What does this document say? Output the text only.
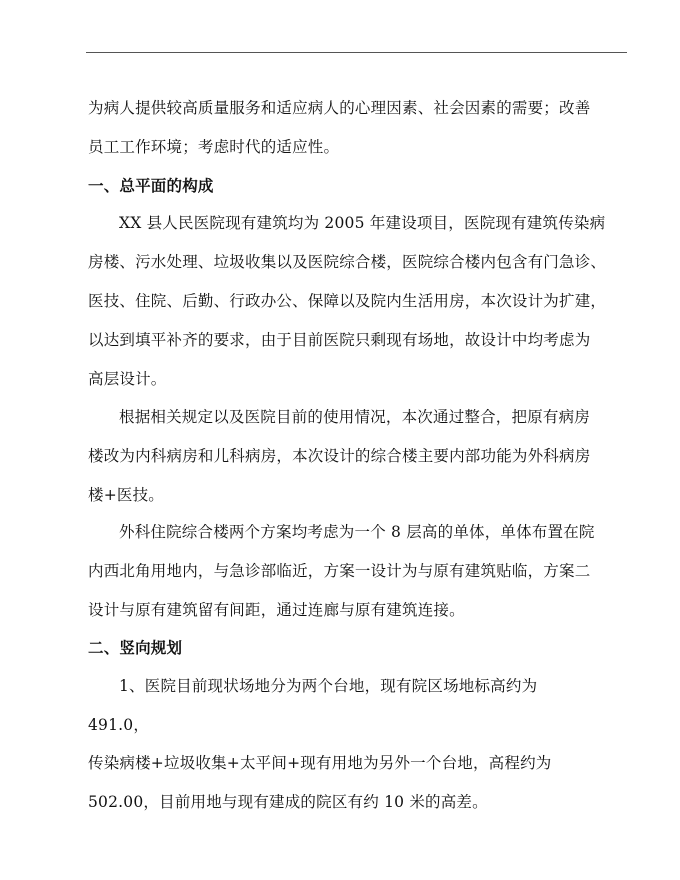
为病人提供较高质量服务和适应病人的心理因素、社会因素的需要；改善
员工工作环境；考虑时代的适应性。
一、总平面的构成
XX 县人民医院现有建筑均为 2005 年建设项目，医院现有建筑传染病
房楼、污水处理、垃圾收集以及医院综合楼，医院综合楼内包含有门急诊、
医技、住院、后勤、行政办公、保障以及院内生活用房，本次设计为扩建，
以达到填平补齐的要求，由于目前医院只剩现有场地，故设计中均考虑为
高层设计。
根据相关规定以及医院目前的使用情况，本次通过整合，把原有病房
楼改为内科病房和儿科病房，本次设计的综合楼主要内部功能为外科病房
楼+医技。
外科住院综合楼两个方案均考虑为一个 8 层高的单体，单体布置在院
内西北角用地内，与急诊部临近，方案一设计为与原有建筑贴临，方案二
设计与原有建筑留有间距，通过连廊与原有建筑连接。
二、竖向规划
1、医院目前现状场地分为两个台地，现有院区场地标高约为
491.0，
传染病楼+垃圾收集+太平间+现有用地为另外一个台地，高程约为
502.00，目前用地与现有建成的院区有约 10 米的高差。
